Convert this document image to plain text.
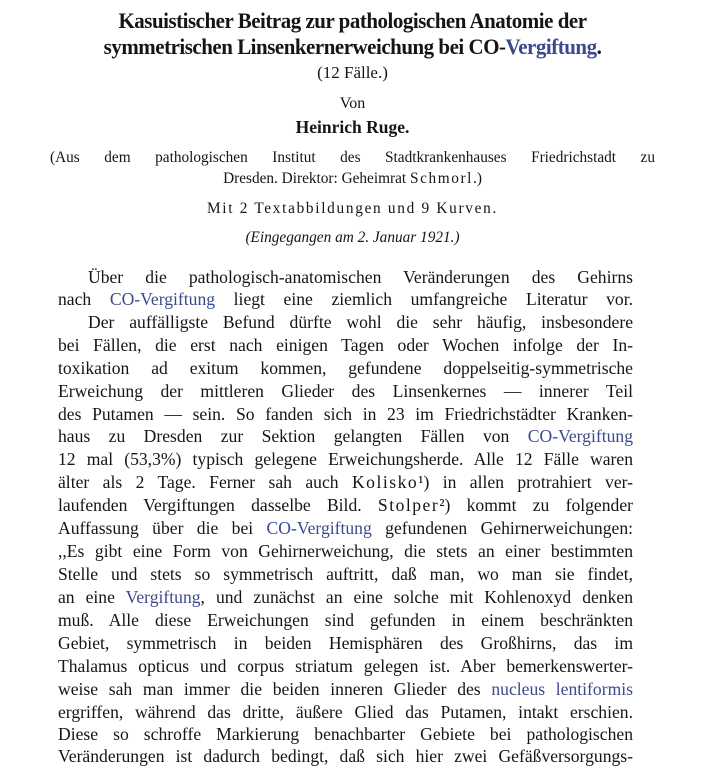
Kasuistischer Beitrag zur pathologischen Anatomie der
symmetrischen Linsenkernerweichung bei CO-Vergiftung.
(12 Fälle.)
Von
Heinrich Ruge.
(Aus dem pathologischen Institut des Stadtkrankenhauses Friedrichstadt zu
Dresden. Direktor: Geheimrat Schmorl.)
Mit 2 Textabbildungen und 9 Kurven.
(Eingegangen am 2. Januar 1921.)
Über die pathologisch-anatomischen Veränderungen des Gehirns
nach CO-Vergiftung liegt eine ziemlich umfangreiche Literatur vor.
Der auffälligste Befund dürfte wohl die sehr häufig, insbesondere
bei Fällen, die erst nach einigen Tagen oder Wochen infolge der In-
toxikation ad exitum kommen, gefundene doppelseitig-symmetrische
Erweichung der mittleren Glieder des Linsenkernes — innerer Teil
des Putamen — sein. So fanden sich in 23 im Friedrichstädter Kranken-
haus zu Dresden zur Sektion gelangten Fällen von CO-Vergiftung
12 mal (53,3%) typisch gelegene Erweichungsherde. Alle 12 Fälle waren
älter als 2 Tage. Ferner sah auch Kolisko¹) in allen protrahiert ver-
laufenden Vergiftungen dasselbe Bild. Stolper²) kommt zu folgender
Auffassung über die bei CO-Vergiftung gefundenen Gehirnerweichungen:
,,Es gibt eine Form von Gehirnerweichung, die stets an einer bestimmten
Stelle und stets so symmetrisch auftritt, daß man, wo man sie findet,
an eine Vergiftung, und zunächst an eine solche mit Kohlenoxyd denken
muß. Alle diese Erweichungen sind gefunden in einem beschränkten
Gebiet, symmetrisch in beiden Hemisphären des Großhirns, das im
Thalamus opticus und corpus striatum gelegen ist. Aber bemerkenswerter-
weise sah man immer die beiden inneren Glieder des nucleus lentiformis
ergriffen, während das dritte, äußere Glied das Putamen, intakt erschien.
Diese so schroffe Markierung benachbarter Gebiete bei pathologischen
Veränderungen ist dadurch bedingt, daß sich hier zwei Gefäßversorgungs-
